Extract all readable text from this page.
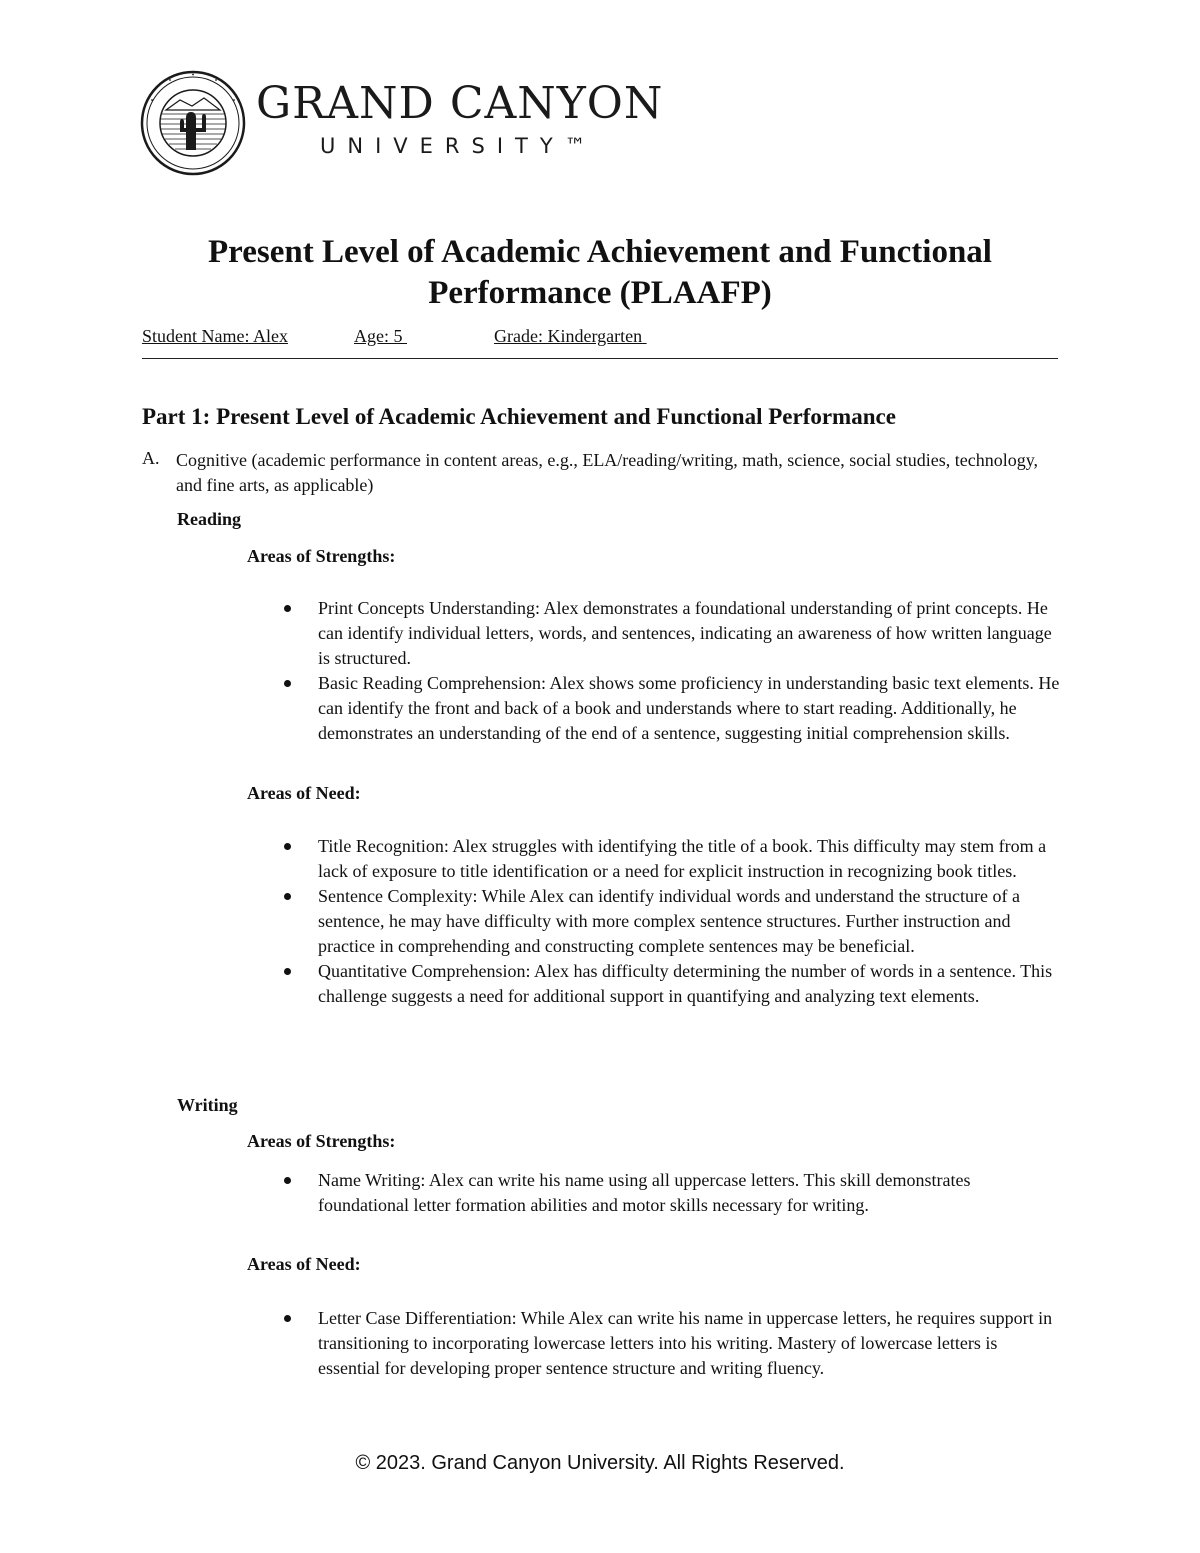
GRAND CANYON
UNIVERSITY™
Present Level of Academic Achievement and Functional Performance (PLAAFP)
Student Name: Alex	Age: 5	Grade: Kindergarten
Part 1: Present Level of Academic Achievement and Functional Performance
A. Cognitive (academic performance in content areas, e.g., ELA/reading/writing, math, science, social studies, technology, and fine arts, as applicable)
Reading
Areas of Strengths:
Print Concepts Understanding: Alex demonstrates a foundational understanding of print concepts. He can identify individual letters, words, and sentences, indicating an awareness of how written language is structured.
Basic Reading Comprehension: Alex shows some proficiency in understanding basic text elements. He can identify the front and back of a book and understands where to start reading. Additionally, he demonstrates an understanding of the end of a sentence, suggesting initial comprehension skills.
Areas of Need:
Title Recognition: Alex struggles with identifying the title of a book. This difficulty may stem from a lack of exposure to title identification or a need for explicit instruction in recognizing book titles.
Sentence Complexity: While Alex can identify individual words and understand the structure of a sentence, he may have difficulty with more complex sentence structures. Further instruction and practice in comprehending and constructing complete sentences may be beneficial.
Quantitative Comprehension: Alex has difficulty determining the number of words in a sentence. This challenge suggests a need for additional support in quantifying and analyzing text elements.
Writing
Areas of Strengths:
Name Writing: Alex can write his name using all uppercase letters. This skill demonstrates foundational letter formation abilities and motor skills necessary for writing.
Areas of Need:
Letter Case Differentiation: While Alex can write his name in uppercase letters, he requires support in transitioning to incorporating lowercase letters into his writing. Mastery of lowercase letters is essential for developing proper sentence structure and writing fluency.
© 2023. Grand Canyon University. All Rights Reserved.
